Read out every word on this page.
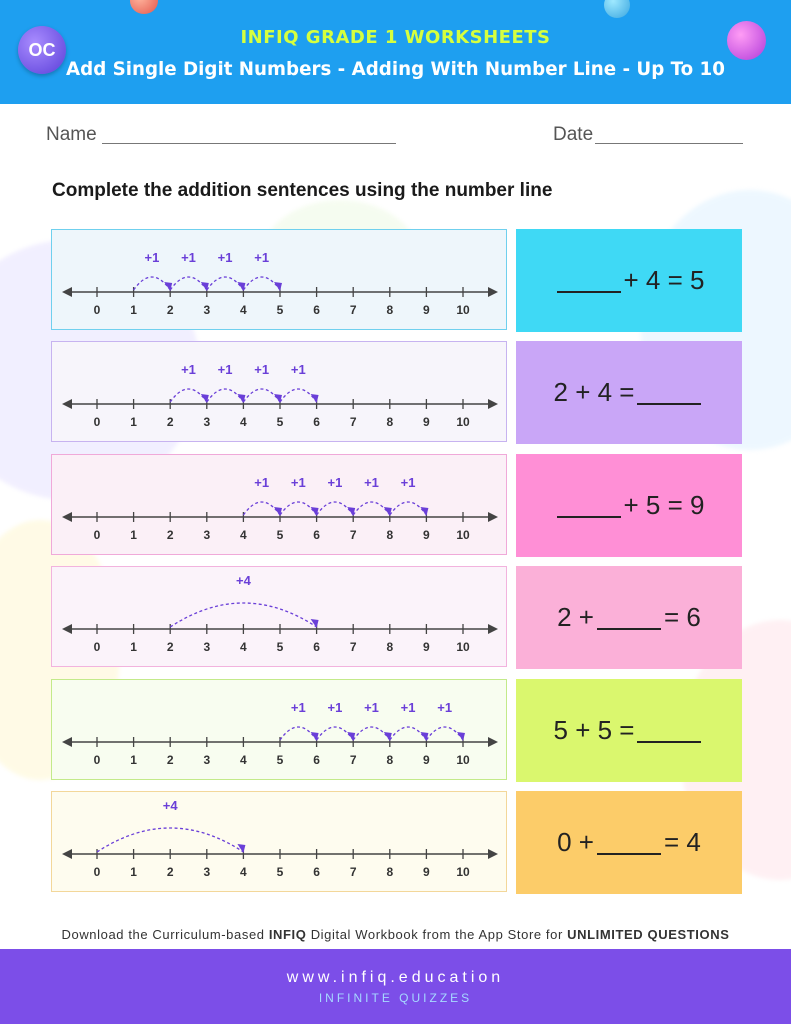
OC
INFIQ GRADE 1 WORKSHEETS
Add Single Digit Numbers - Adding With Number Line - Up To 10
Name	Date
Complete the addition sentences using the number line
0 1 2 3 4 5 6 7 8 9 10
+1 +1 +1 +1
+ 4 = 5
0 1 2 3 4 5 6 7 8 9 10
+1 +1 +1 +1
2 + 4 =
0 1 2 3 4 5 6 7 8 9 10
+1 +1 +1 +1 +1
+ 5 = 9
0 1 2 3 4 5 6 7 8 9 10
+4
2 +	= 6
0 1 2 3 4 5 6 7 8 9 10
+1 +1 +1 +1 +1
5 + 5 =
0 1 2 3 4 5 6 7 8 9 10
+4
0 +	= 4
Download the Curriculum-based INFIQ Digital Workbook from the App Store for UNLIMITED QUESTIONS
www.infiq.education
INFINITE QUIZZES
